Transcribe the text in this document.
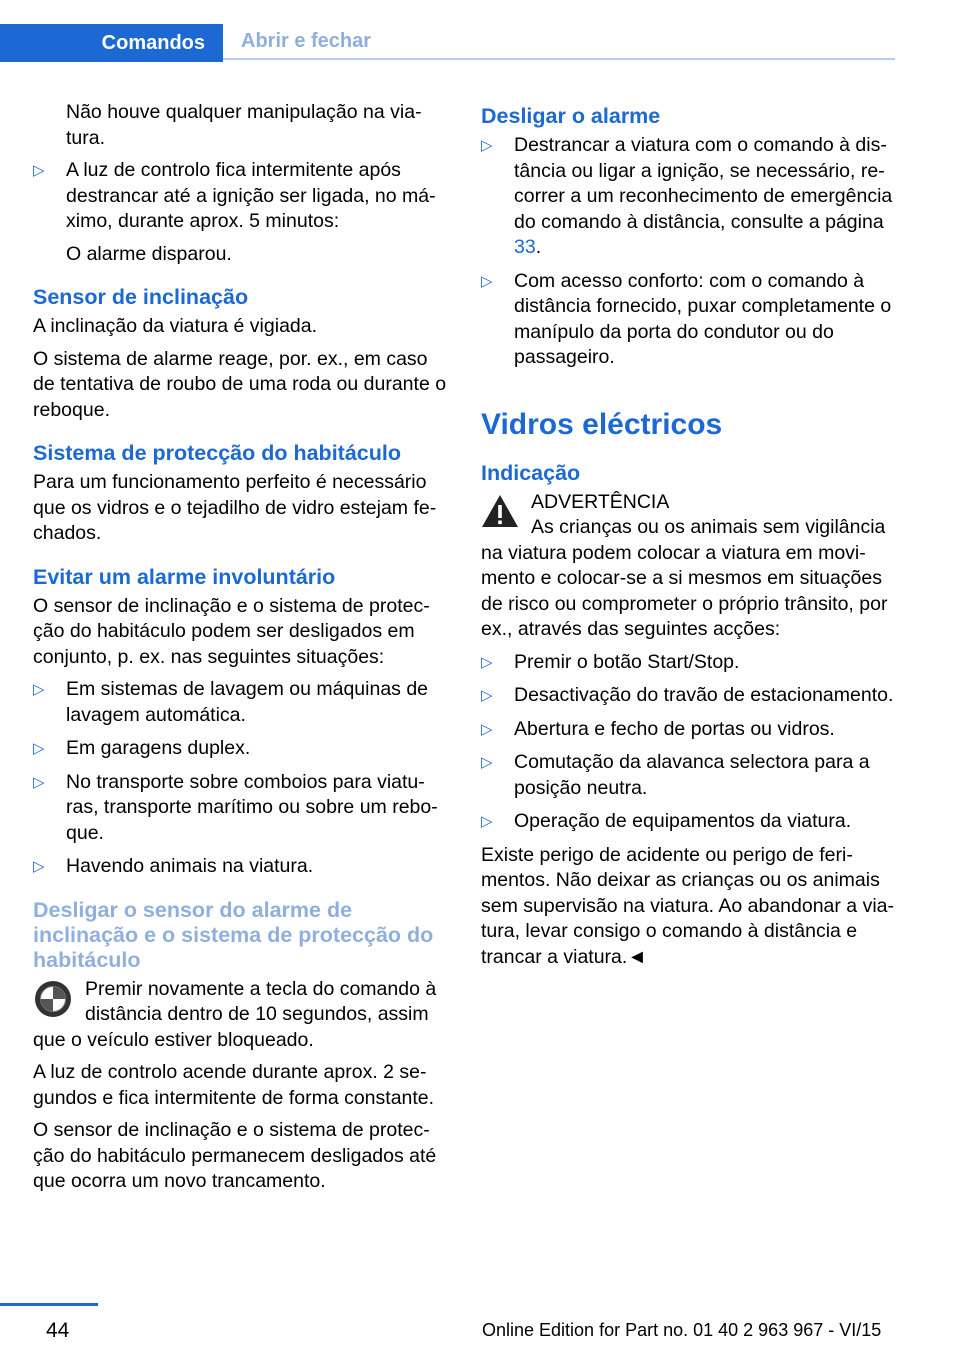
Comandos	Abrir e fechar

Não houve qualquer manipulação na viatura.

▷ A luz de controlo fica intermitente após destrancar até a ignição ser ligada, no máximo, durante aprox. 5 minutos:
O alarme disparou.
Sensor de inclinação

A inclinação da viatura é vigiada.

O sistema de alarme reage, por. ex., em caso de tentativa de roubo de uma roda ou durante o reboque.

Sistema de protecção do habitáculo

Para um funcionamento perfeito é necessário que os vidros e o tejadilho de vidro estejam fechados.

Evitar um alarme involuntário

O sensor de inclinação e o sistema de protecção do habitáculo podem ser desligados em conjunto, p. ex. nas seguintes situações:

▷ Em sistemas de lavagem ou máquinas de lavagem automática.
▷ Em garagens duplex.
▷ No transporte sobre comboios para viaturas, transporte marítimo ou sobre um reboque.
▷ Havendo animais na viatura.
Desligar o sensor do alarme de inclinação e o sistema de protecção do habitáculo

Premir novamente a tecla do comando à distância dentro de 10 segundos, assim que o veículo estiver bloqueado.

A luz de controlo acende durante aprox. 2 segundos e fica intermitente de forma constante.

O sensor de inclinação e o sistema de protecção do habitáculo permanecem desligados até que ocorra um novo trancamento.

Desligar o alarme
▷ Destrancar a viatura com o comando à distância ou ligar a ignição, se necessário, recorrer a um reconhecimento de emergência do comando à distância, consulte a página 33.
▷ Com acesso conforto: com o comando à distância fornecido, puxar completamente o manípulo da porta do condutor ou do passageiro.
Vidros eléctricos
Indicação
ADVERTÊNCIA

As crianças ou os animais sem vigilância na viatura podem colocar a viatura em movimento e colocar-se a si mesmos em situações de risco ou comprometer o próprio trânsito, por ex., através das seguintes acções:

▷ Premir o botão Start/Stop.
▷ Desactivação do travão de estacionamento.
▷ Abertura e fecho de portas ou vidros.
▷ Comutação da alavanca selectora para a posição neutra.
▷ Operação de equipamentos da viatura.

Existe perigo de acidente ou perigo de ferimentos. Não deixar as crianças ou os animais sem supervisão na viatura. Ao abandonar a viatura, levar consigo o comando à distância e trancar a viatura.◄

44	Online Edition for Part no. 01 40 2 963 967 - VI/15
